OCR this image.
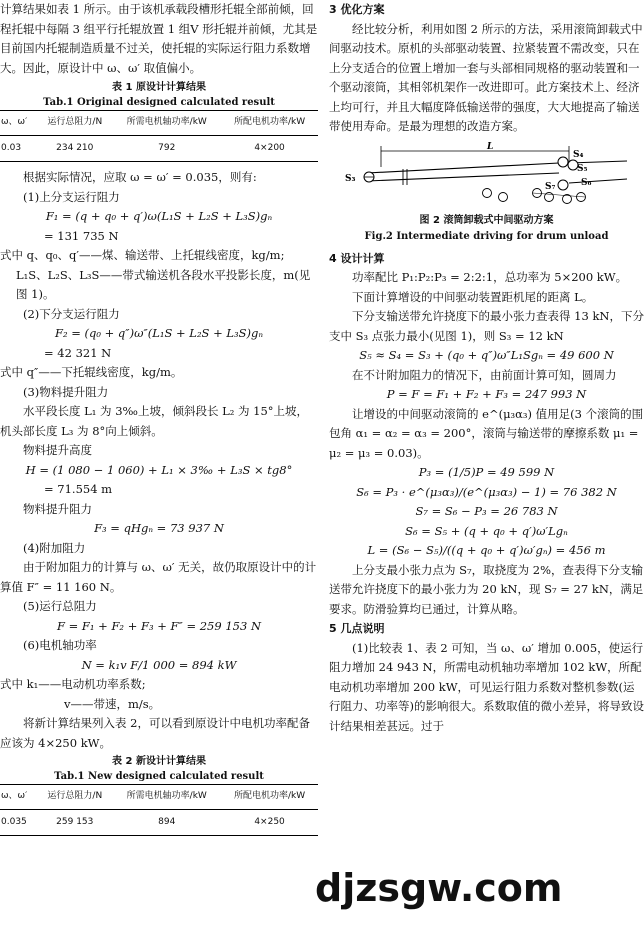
计算结果如表 1 所示。由于该机承载段槽形托辊全部前倾，回程托辊中每隔 3 组平行托辊放置 1 组V 形托辊并前倾，尤其是目前国内托辊制造质量不过关，使托辊的实际运行阻力系数增大。因此，原设计中 ω、ω′ 取值偏小。

表 1 原设计计算结果

Tab.1 Original designed calculated result

ω、ω′	运行总阻力/N	所需电机轴功率/kW	所配电机功率/kW
0.03	234 210	792	4×200

根据实际情况，应取 ω = ω′ = 0.035，则有:

(1)上分支运行阻力

F₁ = (q + q₀ + q′)ω(L₁S + L₂S + L₃S)gₙ

= 131 735 N

式中 q、q₀、q′——煤、输送带、上托辊线密度，kg/m;

L₁S、L₂S、L₃S——带式输送机各段水平投影长度，m(见图 1)。

(2)下分支运行阻力

F₂ = (q₀ + q″)ω″(L₁S + L₂S + L₃S)gₙ

= 42 321 N

式中 q″——下托辊线密度，kg/m。

(3)物料提升阻力

水平段长度 L₁ 为 3‰上坡，倾斜段长 L₂ 为 15°上坡，机头部长度 L₃ 为 8°向上倾斜。

物料提升高度

H = (1 080 − 1 060) + L₁ × 3‰ + L₃S × tg8°

= 71.554 m

物料提升阻力

F₃ = qHgₙ = 73 937 N

(4)附加阻力

由于附加阻力的计算与 ω、ω′ 无关，故仍取原设计中的计算值 F″ = 11 160 N。

(5)运行总阻力

F = F₁ + F₂ + F₃ + F″ = 259 153 N

(6)电机轴功率

N = k₁v F/1 000 = 894 kW

式中 k₁——电动机功率系数;

v——带速，m/s。

将新计算结果列入表 2，可以看到原设计中电机功率配备应该为 4×250 kW。

表 2 新设计计算结果

Tab.1 New designed calculated result

ω、ω′	运行总阻力/N	所需电机轴功率/kW	所配电机功率/kW
0.035	259 153	894	4×250

3 优化方案

经比较分析，利用如图 2 所示的方法，采用滚筒卸载式中间驱动技术。原机的头部驱动装置、拉紧装置不需改变，只在上分支适合的位置上增加一套与头部相同规格的驱动装置和一个驱动滚筒，其相邻机架作一改进即可。此方案技术上、经济上均可行，并且大幅度降低输送带的强度，大大地提高了输送带使用寿命。是最为理想的改造方案。

L
S₄
S₅
S₆
S₃
S₇

图 2 滚筒卸载式中间驱动方案

Fig.2 Intermediate driving for drum unload

4 设计计算

功率配比 P₁:P₂:P₃ = 2:2:1，总功率为 5×200 kW。

下面计算增设的中间驱动装置距机尾的距离 L。

下分支输送带允许挠度下的最小张力查表得 13 kN，下分支中 S₃ 点张力最小(见图 1)，则 S₃ = 12 kN

S₅ ≈ S₄ = S₃ + (q₀ + q″)ω″L₁Sgₙ = 49 600 N

在不计附加阻力的情况下，由前面计算可知，圆周力

P = F = F₁ + F₂ + F₃ = 247 993 N

让增设的中间驱动滚筒的 e^(μ₃α₃) 值用足(3 个滚筒的围包角 α₁ = α₂ = α₃ = 200°，滚筒与输送带的摩擦系数 μ₁ = μ₂ = μ₃ = 0.03)。

P₃ = (1/5)P = 49 599 N

S₆ = P₃ · e^(μ₃α₃)/(e^(μ₃α₃) − 1) = 76 382 N

S₇ = S₆ − P₃ = 26 783 N

S₆ = S₅ + (q + q₀ + q′)ω′Lgₙ

L = (S₆ − S₅)/((q + q₀ + q′)ω′gₙ) = 456 m

上分支最小张力点为 S₇，取挠度为 2%，查表得下分支输送带允许挠度下的最小张力为 20 kN，现 S₇ = 27 kN，满足要求。防滑验算均已通过，计算从略。

5 几点说明

(1)比较表 1、表 2 可知，当 ω、ω′ 增加 0.005，使运行阻力增加 24 943 N，所需电动机轴功率增加 102 kW，所配电动机功率增加 200 kW，可见运行阻力系数对整机参数(运行阻力、功率等)的影响很大。系数取值的微小差异，将导致设计结果相差甚远。过于

djzsgw.com
